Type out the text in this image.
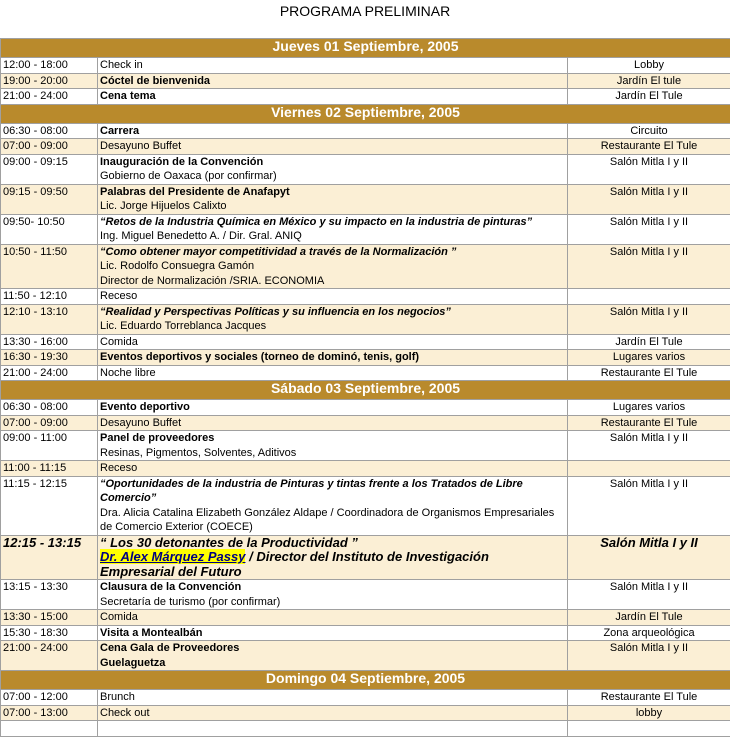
PROGRAMA PRELIMINAR
Jueves 01 Septiembre, 2005		
12:00 - 18:00	Check in	Lobby
19:00 - 20:00	Cóctel de bienvenida	Jardín El tule
21:00 - 24:00	Cena tema	Jardín El Tule
Viernes 02 Septiembre, 2005		
06:30 - 08:00	Carrera	Circuito
07:00 - 09:00	Desayuno Buffet	Restaurante El Tule
09:00 - 09:15	Inauguración de la Convención
Gobierno de Oaxaca (por confirmar)	Salón Mitla I y II
09:15 - 09:50	Palabras del Presidente de Anafapyt
Lic. Jorge Hijuelos Calixto	Salón Mitla I y II
09:50- 10:50	“Retos de la Industria Química en México y su impacto en la industria de pinturas”
Ing. Miguel Benedetto A. / Dir. Gral. ANIQ	Salón Mitla I y II
10:50 - 11:50	“Como obtener mayor competitividad a través de la Normalización ”
Lic. Rodolfo Consuegra Gamón
Director de Normalización /SRIA. ECONOMIA	Salón Mitla I y II
11:50 - 12:10	Receso	

12:10 - 13:10	“Realidad y Perspectivas Políticas y su influencia en los negocios”
Lic. Eduardo Torreblanca Jacques	Salón Mitla I y II
13:30 - 16:00	Comida	Jardín El Tule
16:30 - 19:30	Eventos deportivos y sociales (torneo de dominó, tenis, golf)	Lugares varios
21:00 - 24:00	Noche libre	Restaurante El Tule
Sábado 03 Septiembre, 2005		
06:30 - 08:00	Evento deportivo	Lugares varios
07:00 - 09:00	Desayuno Buffet	Restaurante El Tule
09:00 - 11:00	Panel de proveedores
Resinas, Pigmentos, Solventes, Aditivos	Salón Mitla I y II
11:00 - 11:15	Receso	

11:15 - 12:15	“Oportunidades de la industria de Pinturas y tintas frente a los Tratados de Libre Comercio”
Dra. Alicia Catalina Elizabeth González Aldape / Coordinadora de Organismos Empresariales de Comercio Exterior (COECE)	Salón Mitla I y II
12:15 - 13:15	“ Los 30 detonantes de la Productividad ”
Dr. Alex Márquez Passy / Director del Instituto de Investigación Empresarial del Futuro	Salón Mitla I y II
13:15 - 13:30	Clausura de la Convención
Secretaría de turismo (por confirmar)	Salón Mitla I y II
13:30 - 15:00	Comida	Jardín El Tule
15:30 - 18:30	Visita a Montealbán	Zona arqueológica
21:00 - 24:00	Cena Gala de Proveedores
Guelaguetza	Salón Mitla I y II
Domingo 04 Septiembre, 2005		
07:00 - 12:00	Brunch	Restaurante El Tule
07:00 - 13:00	Check out	lobby
